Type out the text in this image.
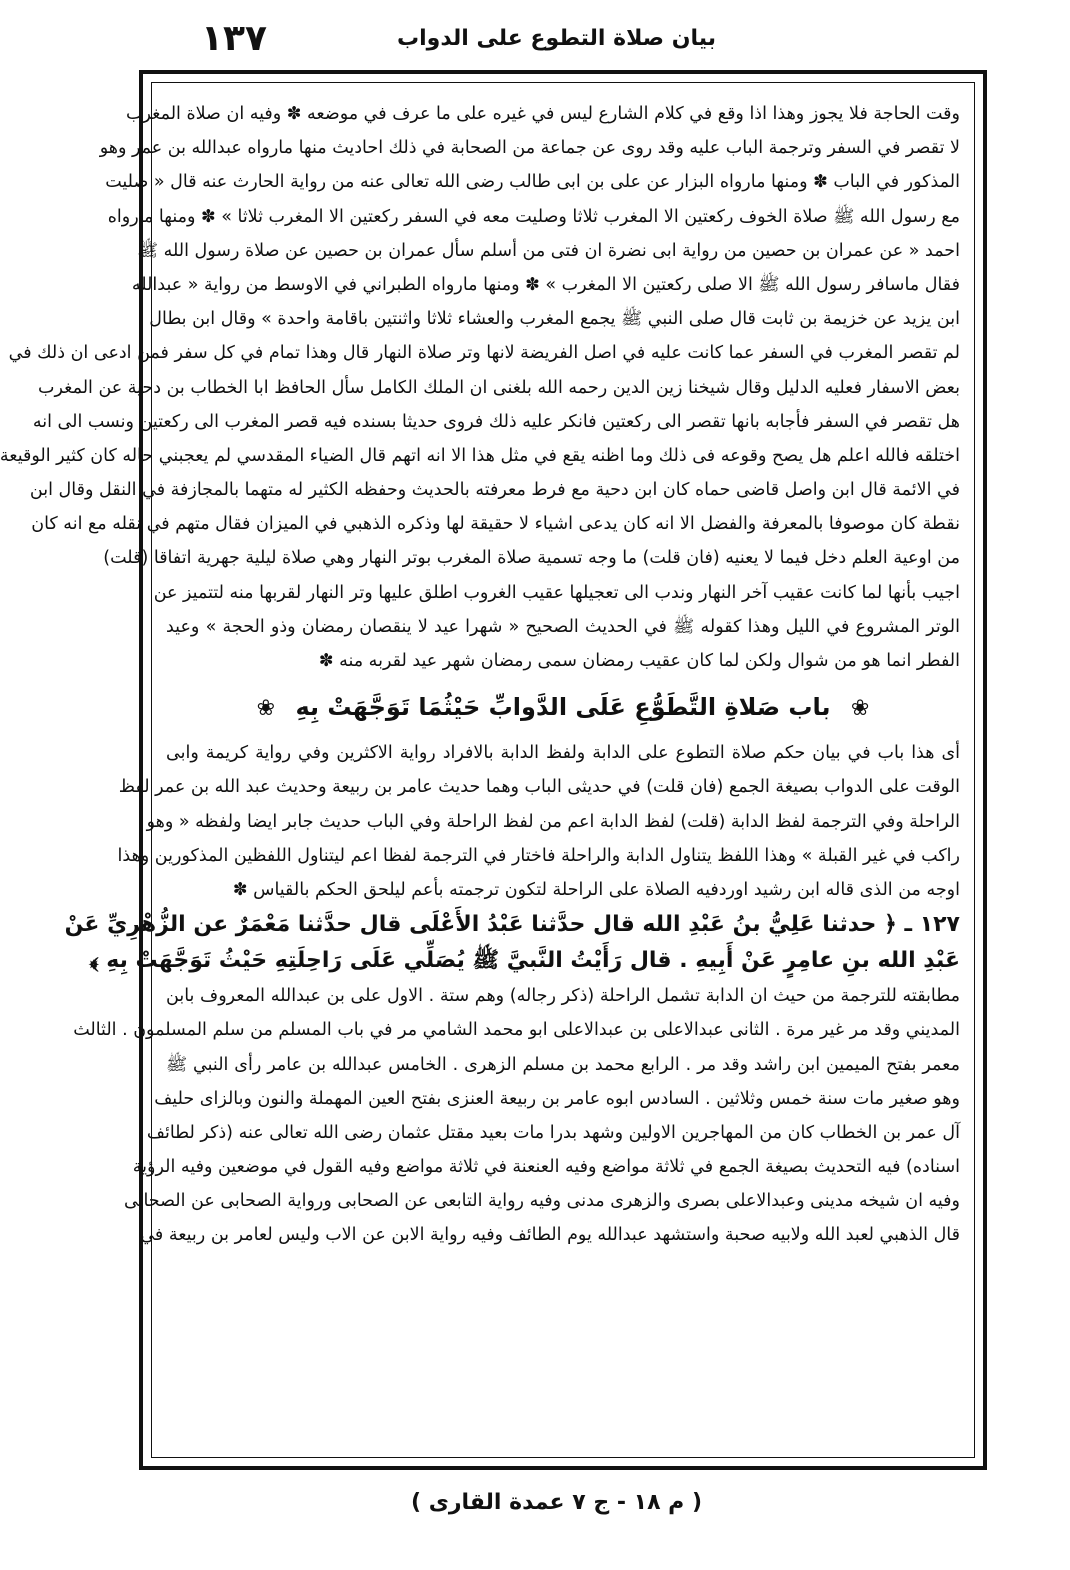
١٣٧	بيان صلاة التطوع على الدواب
وقت الحاجة فلا يجوز وهذا اذا وقع في كلام الشارع ليس في غيره على ما عرف في موضعه ✽ وفيه ان صلاة المغرب
لا تقصر في السفر وترجمة الباب عليه وقد روى عن جماعة من الصحابة في ذلك احاديث منها مارواه عبدالله بن عمر وهو
المذكور في الباب ✽ ومنها مارواه البزار عن على بن ابى طالب رضى الله تعالى عنه من رواية الحارث عنه قال « صليت
مع رسول الله ﷺ صلاة الخوف ركعتين الا المغرب ثلاثا وصليت معه في السفر ركعتين الا المغرب ثلاثا » ✽ ومنها مارواه
احمد « عن عمران بن حصين من رواية ابى نضرة ان فتى من أسلم سأل عمران بن حصين عن صلاة رسول الله ﷺ
فقال ماسافر رسول الله ﷺ الا صلى ركعتين الا المغرب » ✽ ومنها مارواه الطبراني في الاوسط من رواية « عبدالله
ابن يزيد عن خزيمة بن ثابت قال صلى النبي ﷺ يجمع المغرب والعشاء ثلاثا واثنتين باقامة واحدة » وقال ابن بطال
لم تقصر المغرب في السفر عما كانت عليه في اصل الفريضة لانها وتر صلاة النهار قال وهذا تمام في كل سفر فمن ادعى ان ذلك في
بعض الاسفار فعليه الدليل وقال شيخنا زين الدين رحمه الله بلغنى ان الملك الكامل سأل الحافظ ابا الخطاب بن دحية عن المغرب
هل تقصر في السفر فأجابه بانها تقصر الى ركعتين فانكر عليه ذلك فروى حديثا بسنده فيه قصر المغرب الى ركعتين ونسب الى انه
اختلقه فالله اعلم هل يصح وقوعه فى ذلك وما اظنه يقع في مثل هذا الا انه اتهم قال الضياء المقدسي لم يعجبني حاله كان كثير الوقيعة
في الائمة قال ابن واصل قاضى حماه كان ابن دحية مع فرط معرفته بالحديث وحفظه الكثير له متهما بالمجازفة في النقل وقال ابن
نقطة كان موصوفا بالمعرفة والفضل الا انه كان يدعى اشياء لا حقيقة لها وذكره الذهبي في الميزان فقال متهم في نقله مع انه كان
من اوعية العلم دخل فيما لا يعنيه (فان قلت) ما وجه تسمية صلاة المغرب بوتر النهار وهي صلاة ليلية جهرية اتفاقا (قلت)
اجيب بأنها لما كانت عقيب آخر النهار وندب الى تعجيلها عقيب الغروب اطلق عليها وتر النهار لقربها منه لتتميز عن
الوتر المشروع في الليل وهذا كقوله ﷺ في الحديث الصحيح « شهرا عيد لا ينقصان رمضان وذو الحجة » وعيد
الفطر انما هو من شوال ولكن لما كان عقيب رمضان سمى رمضان شهر عيد لقربه منه ✽
❀ باب صَلاةِ التَّطَوُّعِ عَلَى الدَّوابِّ حَيْثُمَا تَوَجَّهَتْ بِهِ ❀
أى هذا باب في بيان حكم صلاة التطوع على الدابة ولفظ الدابة بالافراد رواية الاكثرين وفي رواية كريمة وابى
الوقت على الدواب بصيغة الجمع (فان قلت) في حديثى الباب وهما حديث عامر بن ربيعة وحديث عبد الله بن عمر لفظ
الراحلة وفي الترجمة لفظ الدابة (قلت) لفظ الدابة اعم من لفظ الراحلة وفي الباب حديث جابر ايضا ولفظه « وهو
راكب في غير القبلة » وهذا اللفظ يتناول الدابة والراحلة فاختار في الترجمة لفظا اعم ليتناول اللفظين المذكورين وهذا
اوجه من الذى قاله ابن رشيد اوردفيه الصلاة على الراحلة لتكون ترجمته بأعم ليلحق الحكم بالقياس ✽
١٢٧ ـ ﴿ حدثنا عَلِيُّ بنُ عَبْدِ الله قال حدَّثنا عَبْدُ الأَعْلَى قال حدَّثنا مَعْمَرٌ عن الزُّهْرِيِّ عَنْ
عَبْدِ الله بنِ عامِرٍ عَنْ أَبِيهِ . قال رَأَيْتُ النَّبيَّ ﷺ يُصَلِّي عَلَى رَاحِلَتِهِ حَيْثُ تَوَجَّهَتْ بِهِ ﴾
مطابقته للترجمة من حيث ان الدابة تشمل الراحلة (ذكر رجاله) وهم ستة . الاول على بن عبدالله المعروف بابن
المديني وقد مر غير مرة . الثانى عبدالاعلى بن عبدالاعلى ابو محمد الشامي مر في باب المسلم من سلم المسلمون . الثالث
معمر بفتح الميمين ابن راشد وقد مر . الرابع محمد بن مسلم الزهرى . الخامس عبدالله بن عامر رأى النبي ﷺ
وهو صغير مات سنة خمس وثلاثين . السادس ابوه عامر بن ربيعة العنزى بفتح العين المهملة والنون وبالزاى حليف
آل عمر بن الخطاب كان من المهاجرين الاولين وشهد بدرا مات بعيد مقتل عثمان رضى الله تعالى عنه (ذكر لطائف
اسناده) فيه التحديث بصيغة الجمع في ثلاثة مواضع وفيه العنعنة في ثلاثة مواضع وفيه القول في موضعين وفيه الرؤية
وفيه ان شيخه مدينى وعبدالاعلى بصرى والزهرى مدنى وفيه رواية التابعى عن الصحابى ورواية الصحابى عن الصحابى
قال الذهبي لعبد الله ولابيه صحبة واستشهد عبدالله يوم الطائف وفيه رواية الابن عن الاب وليس لعامر بن ربيعة في
( م ١٨ - ج ٧ عمدة القارى )
